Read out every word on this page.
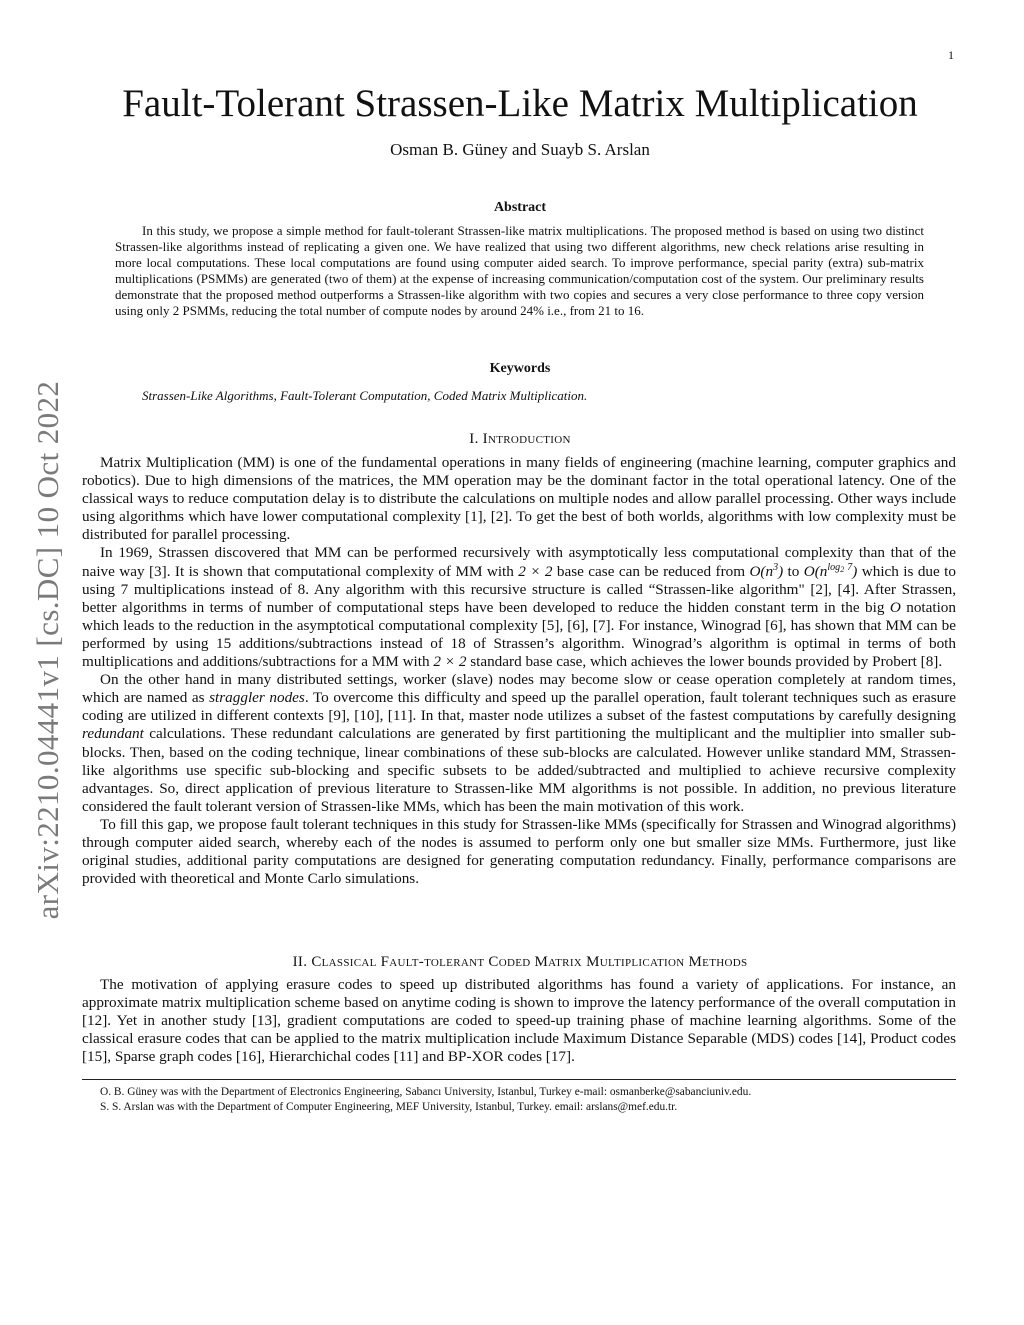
1
arXiv:2210.04441v1 [cs.DC] 10 Oct 2022
Fault-Tolerant Strassen-Like Matrix Multiplication
Osman B. Güney and Suayb S. Arslan
Abstract

In this study, we propose a simple method for fault-tolerant Strassen-like matrix multiplications. The proposed method is based on using two distinct Strassen-like algorithms instead of replicating a given one. We have realized that using two different algorithms, new check relations arise resulting in more local computations. These local computations are found using computer aided search. To improve performance, special parity (extra) sub-matrix multiplications (PSMMs) are generated (two of them) at the expense of increasing communication/computation cost of the system. Our preliminary results demonstrate that the proposed method outperforms a Strassen-like algorithm with two copies and secures a very close performance to three copy version using only 2 PSMMs, reducing the total number of compute nodes by around 24% i.e., from 21 to 16.

Keywords
Strassen-Like Algorithms, Fault-Tolerant Computation, Coded Matrix Multiplication.
I. Introduction

Matrix Multiplication (MM) is one of the fundamental operations in many fields of engineering (machine learning, computer graphics and robotics). Due to high dimensions of the matrices, the MM operation may be the dominant factor in the total operational latency. One of the classical ways to reduce computation delay is to distribute the calculations on multiple nodes and allow parallel processing. Other ways include using algorithms which have lower computational complexity [1], [2]. To get the best of both worlds, algorithms with low complexity must be distributed for parallel processing.

In 1969, Strassen discovered that MM can be performed recursively with asymptotically less computational complexity than that of the naive way [3]. It is shown that computational complexity of MM with 2 × 2 base case can be reduced from $O(n^3)$ to $O(n^{log_2 7})$ which is due to using 7 multiplications instead of 8. Any algorithm with this recursive structure is called “Strassen-like algorithm" [2], [4]. After Strassen, better algorithms in terms of number of computational steps have been developed to reduce the hidden constant term in the big O notation which leads to the reduction in the asymptotical computational complexity [5], [6], [7]. For instance, Winograd [6], has shown that MM can be performed by using 15 additions/subtractions instead of 18 of Strassen’s algorithm. Winograd’s algorithm is optimal in terms of both multiplications and additions/subtractions for a MM with 2 × 2 standard base case, which achieves the lower bounds provided by Probert [8].

On the other hand in many distributed settings, worker (slave) nodes may become slow or cease operation completely at random times, which are named as straggler nodes. To overcome this difficulty and speed up the parallel operation, fault tolerant techniques such as erasure coding are utilized in different contexts [9], [10], [11]. In that, master node utilizes a subset of the fastest computations by carefully designing redundant calculations. These redundant calculations are generated by first partitioning the multiplicant and the multiplier into smaller sub-blocks. Then, based on the coding technique, linear combinations of these sub-blocks are calculated. However unlike standard MM, Strassen-like algorithms use specific sub-blocking and specific subsets to be added/subtracted and multiplied to achieve recursive complexity advantages. So, direct application of previous literature to Strassen-like MM algorithms is not possible. In addition, no previous literature considered the fault tolerant version of Strassen-like MMs, which has been the main motivation of this work.

To fill this gap, we propose fault tolerant techniques in this study for Strassen-like MMs (specifically for Strassen and Winograd algorithms) through computer aided search, whereby each of the nodes is assumed to perform only one but smaller size MMs. Furthermore, just like original studies, additional parity computations are designed for generating computation redundancy. Finally, performance comparisons are provided with theoretical and Monte Carlo simulations.

II. Classical Fault-tolerant Coded Matrix Multiplication Methods

The motivation of applying erasure codes to speed up distributed algorithms has found a variety of applications. For instance, an approximate matrix multiplication scheme based on anytime coding is shown to improve the latency performance of the overall computation in [12]. Yet in another study [13], gradient computations are coded to speed-up training phase of machine learning algorithms. Some of the classical erasure codes that can be applied to the matrix multiplication include Maximum Distance Separable (MDS) codes [14], Product codes [15], Sparse graph codes [16], Hierarchichal codes [11] and BP-XOR codes [17].

O. B. Güney was with the Department of Electronics Engineering, Sabancı University, Istanbul, Turkey e-mail: osmanberke@sabanciuniv.edu.

S. S. Arslan was with the Department of Computer Engineering, MEF University, Istanbul, Turkey. email: arslans@mef.edu.tr.
